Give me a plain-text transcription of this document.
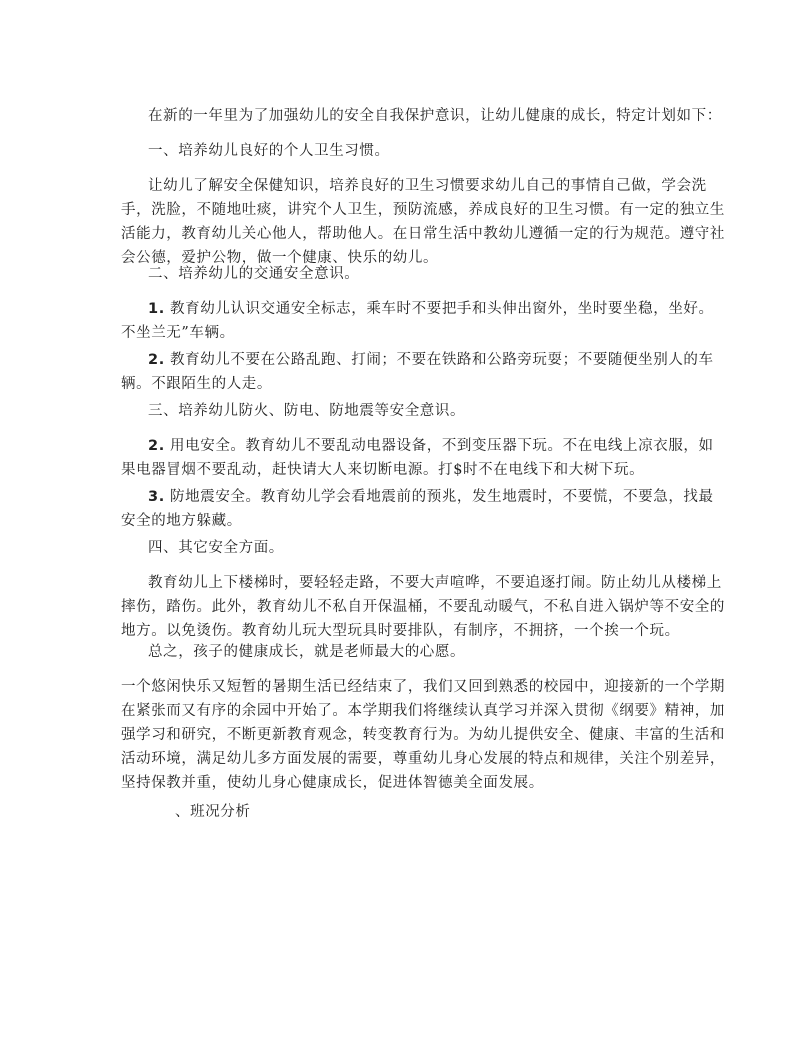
在新的一年里为了加强幼儿的安全自我保护意识，让幼儿健康的成长，特定计划如下：

一、培养幼儿良好的个人卫生习惯。

让幼儿了解安全保健知识，培养良好的卫生习惯要求幼儿自己的事情自己做，学会洗
手，洗脸，不随地吐痰，讲究个人卫生，预防流感，养成良好的卫生习惯。有一定的独立生
活能力，教育幼儿关心他人，帮助他人。在日常生活中教幼儿遵循一定的行为规范。遵守社
会公德，爱护公物，做一个健康、快乐的幼儿。

二、培养幼儿的交通安全意识。

1. 教育幼儿认识交通安全标志，乘车时不要把手和头伸出窗外，坐时要坐稳，坐好。
不坐兰无”车辆。

2. 教育幼儿不要在公路乱跑、打闹；不要在铁路和公路旁玩耍；不要随便坐别人的车
辆。不跟陌生的人走。

三、培养幼儿防火、防电、防地震等安全意识。

2. 用电安全。教育幼儿不要乱动电器设备，不到变压器下玩。不在电线上凉衣服，如
果电器冒烟不要乱动，赶快请大人来切断电源。打$时不在电线下和大树下玩。

3. 防地震安全。教育幼儿学会看地震前的预兆，发生地震时，不要慌，不要急，找最
安全的地方躲藏。

四、其它安全方面。

教育幼儿上下楼梯时，要轻轻走路，不要大声喧哗，不要追逐打闹。防止幼儿从楼梯上
摔伤，踏伤。此外，教育幼儿不私自开保温桶，不要乱动暖气，不私自进入锅炉等不安全的
地方。以免烫伤。教育幼儿玩大型玩具时要排队，有制序，不拥挤，一个挨一个玩。

总之，孩子的健康成长，就是老师最大的心愿。

一个悠闲快乐又短暂的暑期生活已经结束了，我们又回到熟悉的校园中，迎接新的一个学期
在紧张而又有序的余园中开始了。本学期我们将继续认真学习并深入贯彻《纲要》精神，加
强学习和研究，不断更新教育观念，转变教育行为。为幼儿提供安全、健康、丰富的生活和
活动环境，满足幼儿多方面发展的需要，尊重幼儿身心发展的特点和规律，关注个别差异，
坚持保教并重，使幼儿身心健康成长，促进体智德美全面发展。

、班况分析
